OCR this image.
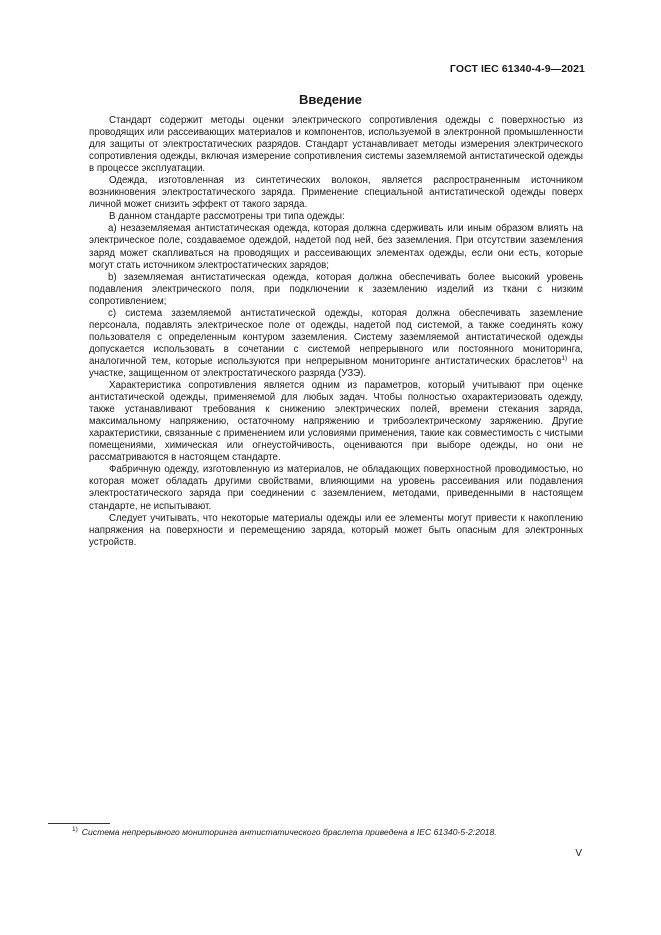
ГОСТ IEC 61340-4-9—2021
Введение

Стандарт содержит методы оценки электрического сопротивления одежды с поверхностью из проводящих или рассеивающих материалов и компонентов, используемой в электронной промышленности для защиты от электростатических разрядов. Стандарт устанавливает методы измерения электрического сопротивления одежды, включая измерение сопротивления системы заземляемой антистатической одежды в процессе эксплуатации.

Одежда, изготовленная из синтетических волокон, является распространенным источником возникновения электростатического заряда. Применение специальной антистатической одежды поверх личной может снизить эффект от такого заряда.

В данном стандарте рассмотрены три типа одежды:

а) незаземляемая антистатическая одежда, которая должна сдерживать или иным образом влиять на электрическое поле, создаваемое одеждой, надетой под ней, без заземления. При отсутствии заземления заряд может скапливаться на проводящих и рассеивающих элементах одежды, если они есть, которые могут стать источником электростатических зарядов;

b) заземляемая антистатическая одежда, которая должна обеспечивать более высокий уровень подавления электрического поля, при подключении к заземлению изделий из ткани с низким сопротивлением;

c) система заземляемой антистатической одежды, которая должна обеспечивать заземление персонала, подавлять электрическое поле от одежды, надетой под системой, а также соединять кожу пользователя с определенным контуром заземления. Систему заземляемой антистатической одежды допускается использовать в сочетании с системой непрерывного или постоянного мониторинга, аналогичной тем, которые используются при непрерывном мониторинге антистатических браслетов$^{1)}$ на участке, защищенном от электростатического разряда (УЗЭ).

Характеристика сопротивления является одним из параметров, который учитывают при оценке антистатической одежды, применяемой для любых задач. Чтобы полностью охарактеризовать одежду, также устанавливают требования к снижению электрических полей, времени стекания заряда, максимальному напряжению, остаточному напряжению и трибоэлектрическому заряжению. Другие характеристики, связанные с применением или условиями применения, такие как совместимость с чистыми помещениями, химическая или огнеустойчивость, оцениваются при выборе одежды, но они не рассматриваются в настоящем стандарте.

Фабричную одежду, изготовленную из материалов, не обладающих поверхностной проводимостью, но которая может обладать другими свойствами, влияющими на уровень рассеивания или подавления электростатического заряда при соединении с заземлением, методами, приведенными в настоящем стандарте, не испытывают.

Следует учитывать, что некоторые материалы одежды или ее элементы могут привести к накоплению напряжения на поверхности и перемещению заряда, который может быть опасным для электронных устройств.

$^{1)}$ Система непрерывного мониторинга антистатического браслета приведена в IEC 61340-5-2:2018.
V
